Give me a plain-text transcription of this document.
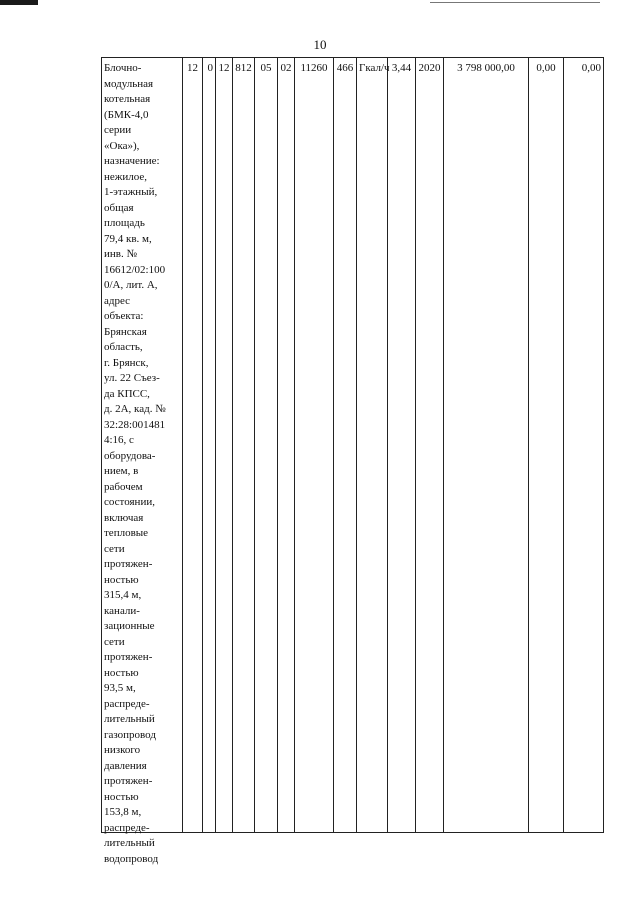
10
Блочно-
модульная
котельная
(БМК-4,0
серии
«Ока»),
назначение:
нежилое,
1-этажный,
общая
площадь
79,4 кв. м,
инв. №
16612/02:100
0/А, лит. А,
адрес
объекта:
Брянская
область,
г. Брянск,
ул. 22 Съез-
да КПСС,
д. 2А, кад. №
32:28:001481
4:16, с
оборудова-
нием, в
рабочем
состоянии,
включая
тепловые
сети
протяжен-
ностью
315,4 м,
канали-
зационные
сети
протяжен-
ностью
93,5 м,
распреде-
лительный
газопровод
низкого
давления
протяжен-
ностью
153,8 м,
распреде-
лительный
водопровод
	12	0	12	812	05	02	11260	466	Гкал/ч	3,44	2020	3 798 000,00	0,00	0,00
